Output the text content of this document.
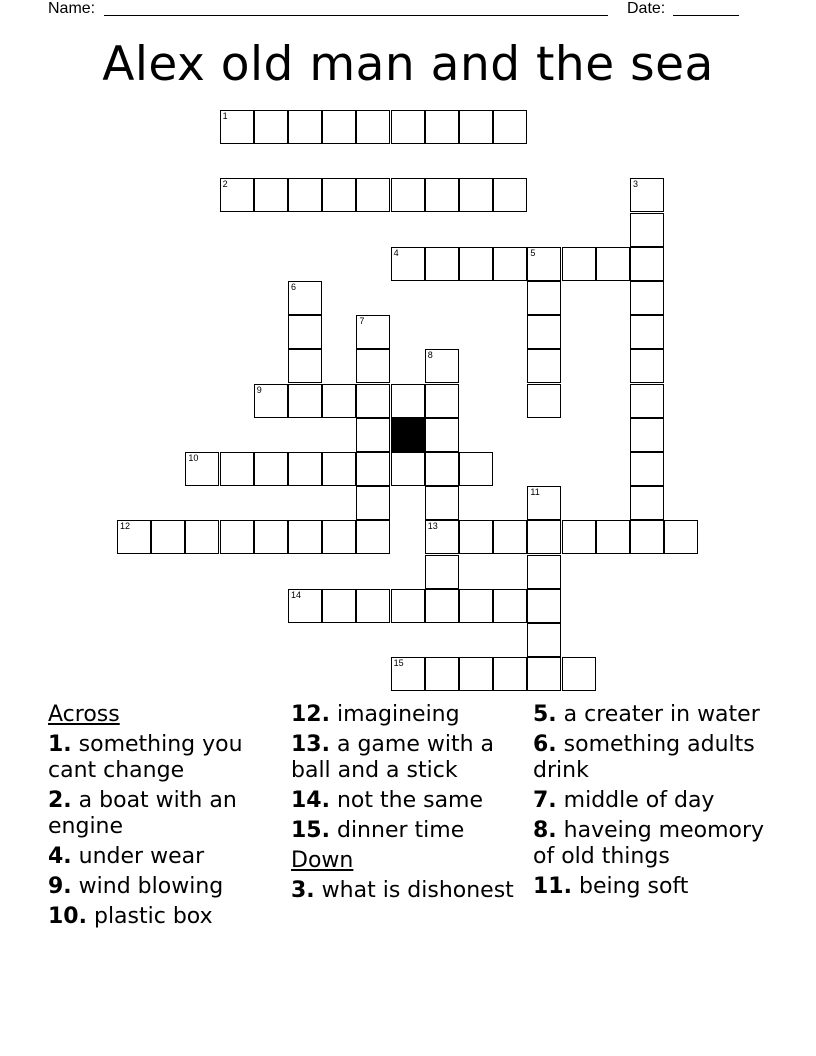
Name:	Date:
Alex old man and the sea
1
2
4	5
9
10
12	13
14
15
3
6
7
8
11
Across
1. something you cant change
2. a boat with an engine
4. under wear
9. wind blowing
10. plastic box
12. imagineing
13. a game with a ball and a stick
14. not the same
15. dinner time
Down
3. what is dishonest
5. a creater in water
6. something adults drink
7. middle of day
8. haveing meomory of old things
11. being soft
